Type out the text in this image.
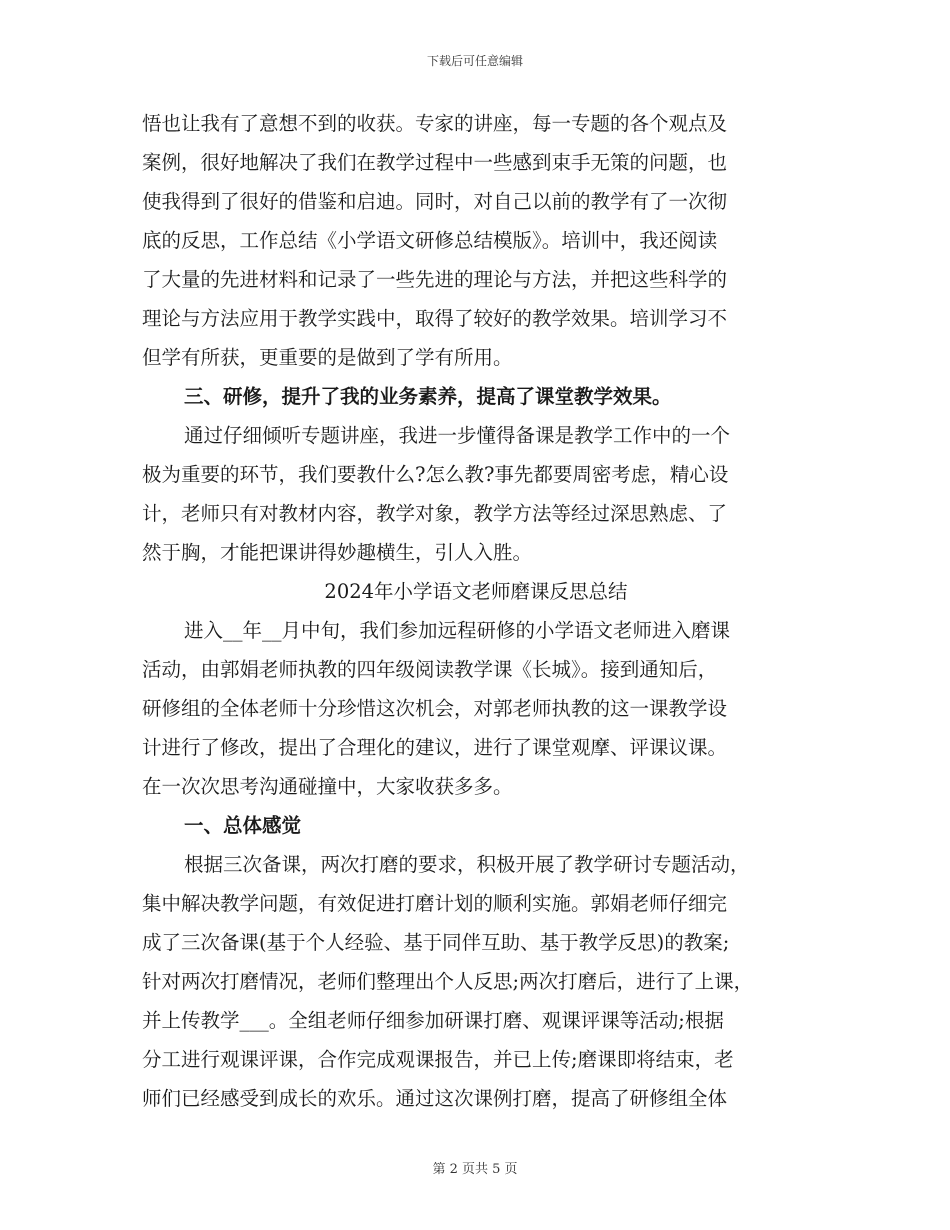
下载后可任意编辑
悟也让我有了意想不到的收获。专家的讲座，每一专题的各个观点及
案例，很好地解决了我们在教学过程中一些感到束手无策的问题，也
使我得到了很好的借鉴和启迪。同时，对自己以前的教学有了一次彻
底的反思，工作总结《小学语文研修总结模版》。培训中，我还阅读
了大量的先进材料和记录了一些先进的理论与方法，并把这些科学的
理论与方法应用于教学实践中，取得了较好的教学效果。培训学习不
但学有所获，更重要的是做到了学有所用。
三、研修，提升了我的业务素养，提高了课堂教学效果。
通过仔细倾听专题讲座，我进一步懂得备课是教学工作中的一个
极为重要的环节，我们要教什么?怎么教?事先都要周密考虑，精心设
计，老师只有对教材内容，教学对象，教学方法等经过深思熟虑、了
然于胸，才能把课讲得妙趣横生，引人入胜。
2024年小学语文老师磨课反思总结
进入__年__月中旬，我们参加远程研修的小学语文老师进入磨课
活动，由郭娟老师执教的四年级阅读教学课《长城》。接到通知后，
研修组的全体老师十分珍惜这次机会，对郭老师执教的这一课教学设
计进行了修改，提出了合理化的建议，进行了课堂观摩、评课议课。
在一次次思考沟通碰撞中，大家收获多多。
一、总体感觉
根据三次备课，两次打磨的要求，积极开展了教学研讨专题活动，
集中解决教学问题，有效促进打磨计划的顺利实施。郭娟老师仔细完
成了三次备课(基于个人经验、基于同伴互助、基于教学反思)的教案;
针对两次打磨情况，老师们整理出个人反思;两次打磨后，进行了上课，
并上传教学___。全组老师仔细参加研课打磨、观课评课等活动;根据
分工进行观课评课，合作完成观课报告，并已上传;磨课即将结束，老
师们已经感受到成长的欢乐。通过这次课例打磨，提高了研修组全体
第 2 页共 5 页
